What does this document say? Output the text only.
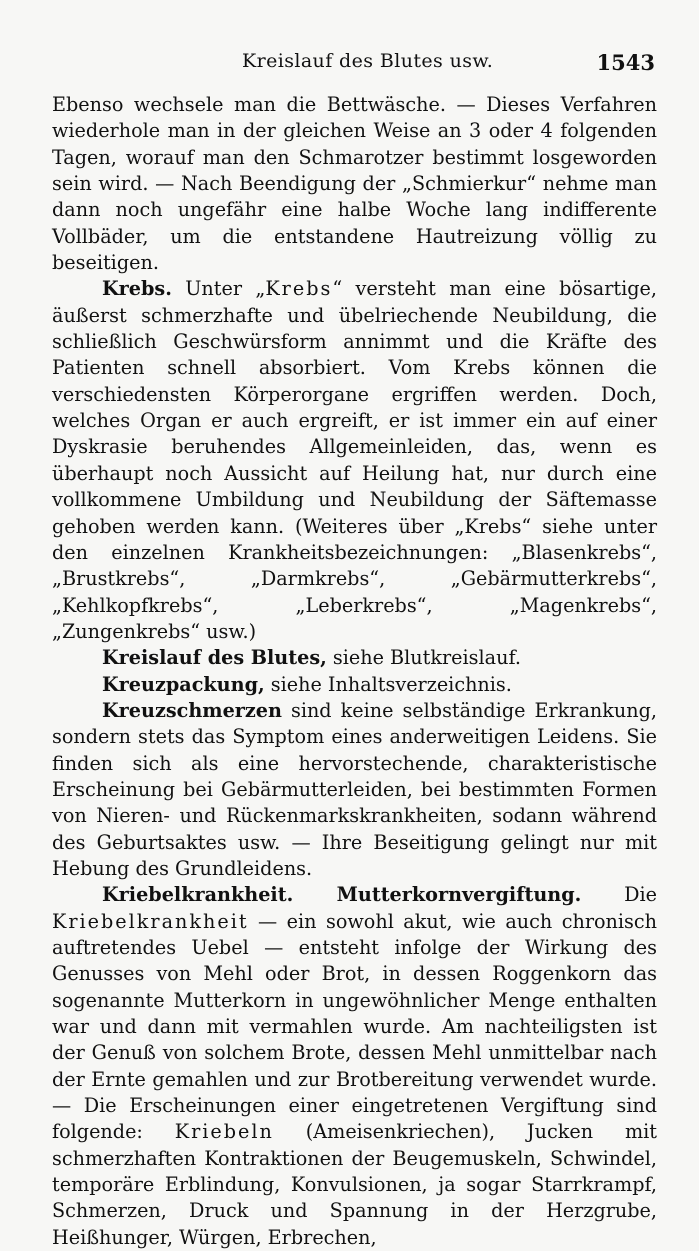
Kreislauf des Blutes usw.	1543

Ebenso wechsele man die Bettwäsche. — Dieses Verfahren wiederhole man in der gleichen Weise an 3 oder 4 folgenden Tagen, worauf man den Schmarotzer bestimmt losgeworden sein wird. — Nach Beendigung der „Schmierkur“ nehme man dann noch ungefähr eine halbe Woche lang indifferente Vollbäder, um die entstandene Hautreizung völlig zu beseitigen.

Krebs. Unter „Krebs“ versteht man eine bösartige, äußerst schmerzhafte und übelriechende Neubildung, die schließlich Geschwürsform annimmt und die Kräfte des Patienten schnell absorbiert. Vom Krebs können die verschiedensten Körperorgane ergriffen werden. Doch, welches Organ er auch ergreift, er ist immer ein auf einer Dyskrasie beruhendes Allgemeinleiden, das, wenn es überhaupt noch Aussicht auf Heilung hat, nur durch eine vollkommene Umbildung und Neubildung der Säftemasse gehoben werden kann. (Weiteres über „Krebs“ siehe unter den einzelnen Krankheitsbezeichnungen: „Blasenkrebs“, „Brustkrebs“, „Darmkrebs“, „Gebärmutterkrebs“, „Kehlkopfkrebs“, „Leberkrebs“, „Magenkrebs“, „Zungenkrebs“ usw.)

Kreislauf des Blutes, siehe Blutkreislauf.

Kreuzpackung, siehe Inhaltsverzeichnis.

Kreuzschmerzen sind keine selbständige Erkrankung, sondern stets das Symptom eines anderweitigen Leidens. Sie finden sich als eine hervorstechende, charakteristische Erscheinung bei Gebärmutterleiden, bei bestimmten Formen von Nieren- und Rückenmarkskrankheiten, sodann während des Geburtsaktes usw. — Ihre Beseitigung gelingt nur mit Hebung des Grundleidens.

Kriebelkrankheit. Mutterkornvergiftung. Die Kriebelkrankheit — ein sowohl akut, wie auch chronisch auftretendes Uebel — entsteht infolge der Wirkung des Genusses von Mehl oder Brot, in dessen Roggenkorn das sogenannte Mutterkorn in ungewöhnlicher Menge enthalten war und dann mit vermahlen wurde. Am nachteiligsten ist der Genuß von solchem Brote, dessen Mehl unmittelbar nach der Ernte gemahlen und zur Brotbereitung verwendet wurde. — Die Erscheinungen einer eingetretenen Vergiftung sind folgende: Kriebeln (Ameisenkriechen), Jucken mit schmerzhaften Kontraktionen der Beugemuskeln, Schwindel, temporäre Erblindung, Konvulsionen, ja sogar Starrkrampf, Schmerzen, Druck und Spannung in der Herzgrube, Heißhunger, Würgen, Erbrechen,
